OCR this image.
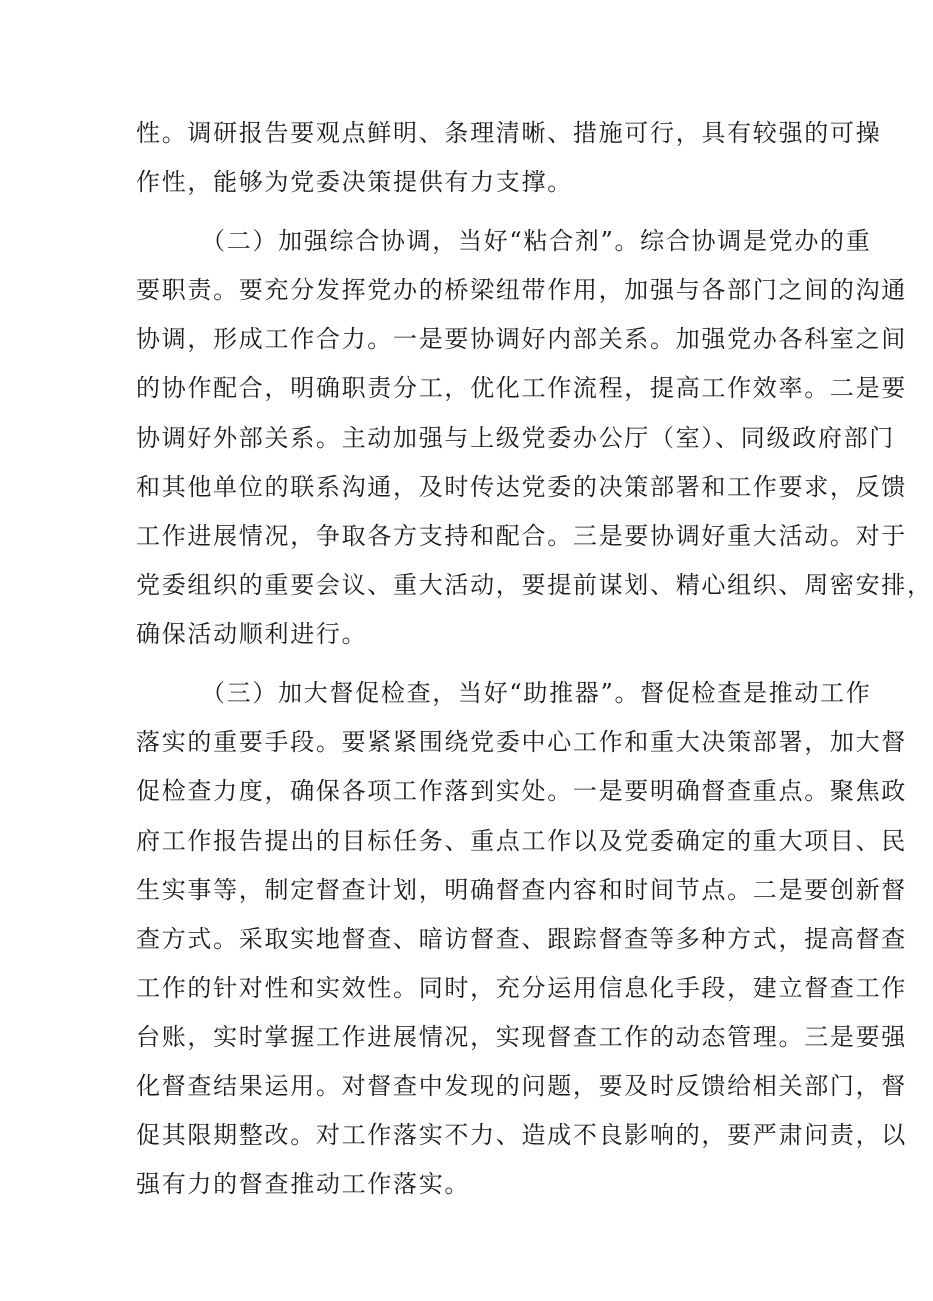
性。调研报告要观点鲜明、条理清晰、措施可行，具有较强的可操
作性，能够为党委决策提供有力支撑。
（二）加强综合协调，当好“粘合剂”。综合协调是党办的重
要职责。要充分发挥党办的桥梁纽带作用，加强与各部门之间的沟通
协调，形成工作合力。一是要协调好内部关系。加强党办各科室之间
的协作配合，明确职责分工，优化工作流程，提高工作效率。二是要
协调好外部关系。主动加强与上级党委办公厅（室）、同级政府部门
和其他单位的联系沟通，及时传达党委的决策部署和工作要求，反馈
工作进展情况，争取各方支持和配合。三是要协调好重大活动。对于
党委组织的重要会议、重大活动，要提前谋划、精心组织、周密安排，
确保活动顺利进行。
（三）加大督促检查，当好“助推器”。督促检查是推动工作
落实的重要手段。要紧紧围绕党委中心工作和重大决策部署，加大督
促检查力度，确保各项工作落到实处。一是要明确督查重点。聚焦政
府工作报告提出的目标任务、重点工作以及党委确定的重大项目、民
生实事等，制定督查计划，明确督查内容和时间节点。二是要创新督
查方式。采取实地督查、暗访督查、跟踪督查等多种方式，提高督查
工作的针对性和实效性。同时，充分运用信息化手段，建立督查工作
台账，实时掌握工作进展情况，实现督查工作的动态管理。三是要强
化督查结果运用。对督查中发现的问题，要及时反馈给相关部门，督
促其限期整改。对工作落实不力、造成不良影响的，要严肃问责，以
强有力的督查推动工作落实。
